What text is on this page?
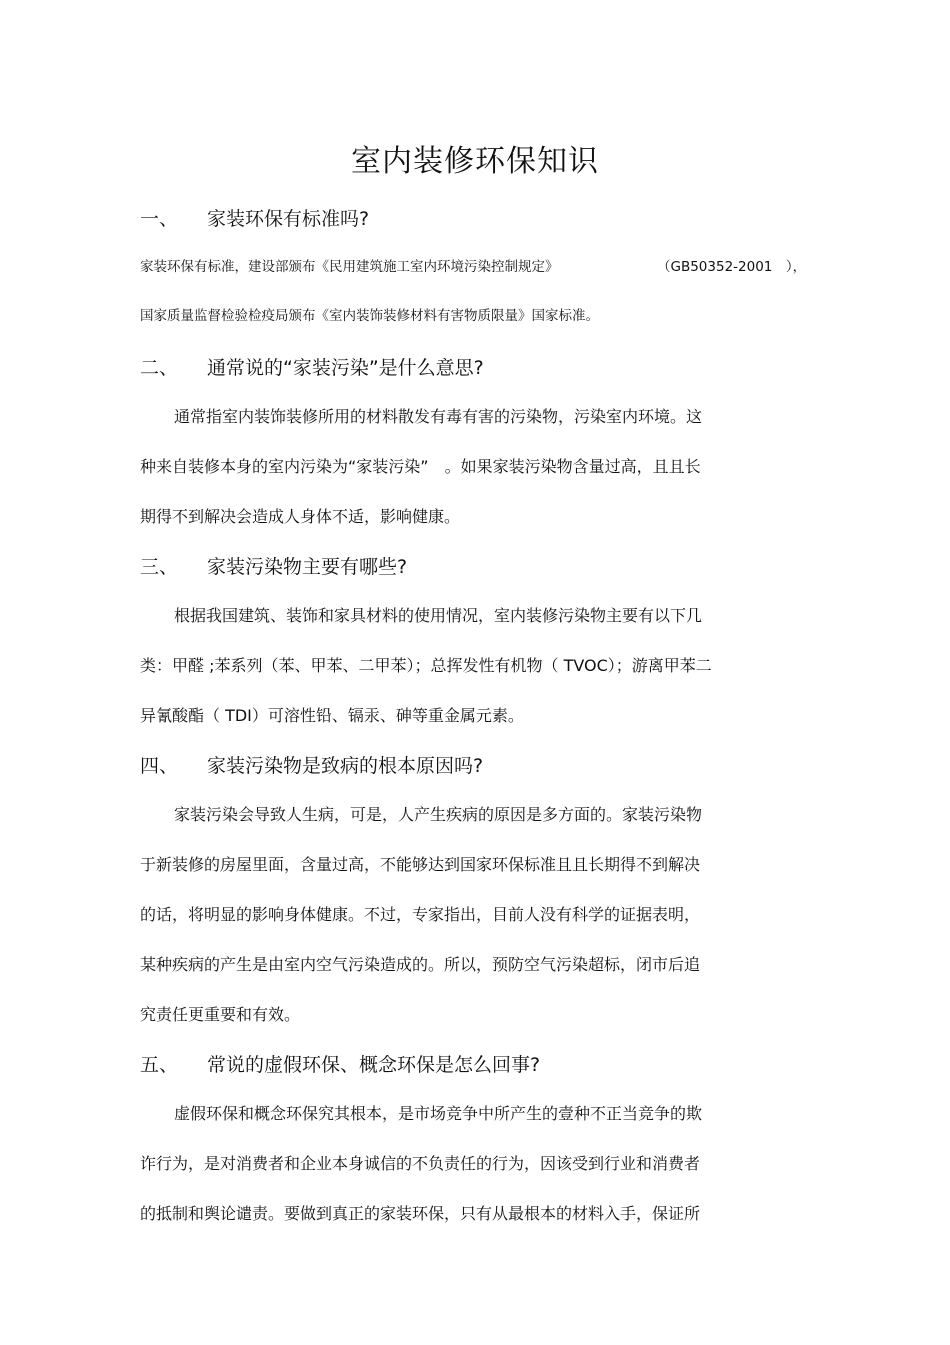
室内装修环保知识
一、 家装环保有标准吗?
家装环保有标准，建设部颁布《民用建筑施工室内环境污染控制规定》	（GB50352-2001　），
国家质量监督检验检疫局颁布《室内装饰装修材料有害物质限量》国家标准。
二、 通常说的“家装污染”是什么意思?
通常指室内装饰装修所用的材料散发有毒有害的污染物，污染室内环境。这
种来自装修本身的室内污染为“家装污染”　。如果家装污染物含量过高，且且长
期得不到解决会造成人身体不适，影响健康。
三、 家装污染物主要有哪些?
根据我国建筑、装饰和家具材料的使用情况，室内装修污染物主要有以下几
类：甲醛 ;苯系列（苯、甲苯、二甲苯）；总挥发性有机物（ TVOC）；游离甲苯二
异氰酸酯（ TDI）可溶性铅、镉汞、砷等重金属元素。
四、 家装污染物是致病的根本原因吗?
家装污染会导致人生病，可是，人产生疾病的原因是多方面的。家装污染物
于新装修的房屋里面，含量过高，不能够达到国家环保标准且且长期得不到解决
的话，将明显的影响身体健康。不过，专家指出，目前人没有科学的证据表明，
某种疾病的产生是由室内空气污染造成的。所以，预防空气污染超标，闭市后追
究责任更重要和有效。
五、 常说的虚假环保、概念环保是怎么回事?
虚假环保和概念环保究其根本，是市场竞争中所产生的壹种不正当竞争的欺
诈行为，是对消费者和企业本身诚信的不负责任的行为，因该受到行业和消费者
的抵制和舆论谴责。要做到真正的家装环保，只有从最根本的材料入手，保证所
